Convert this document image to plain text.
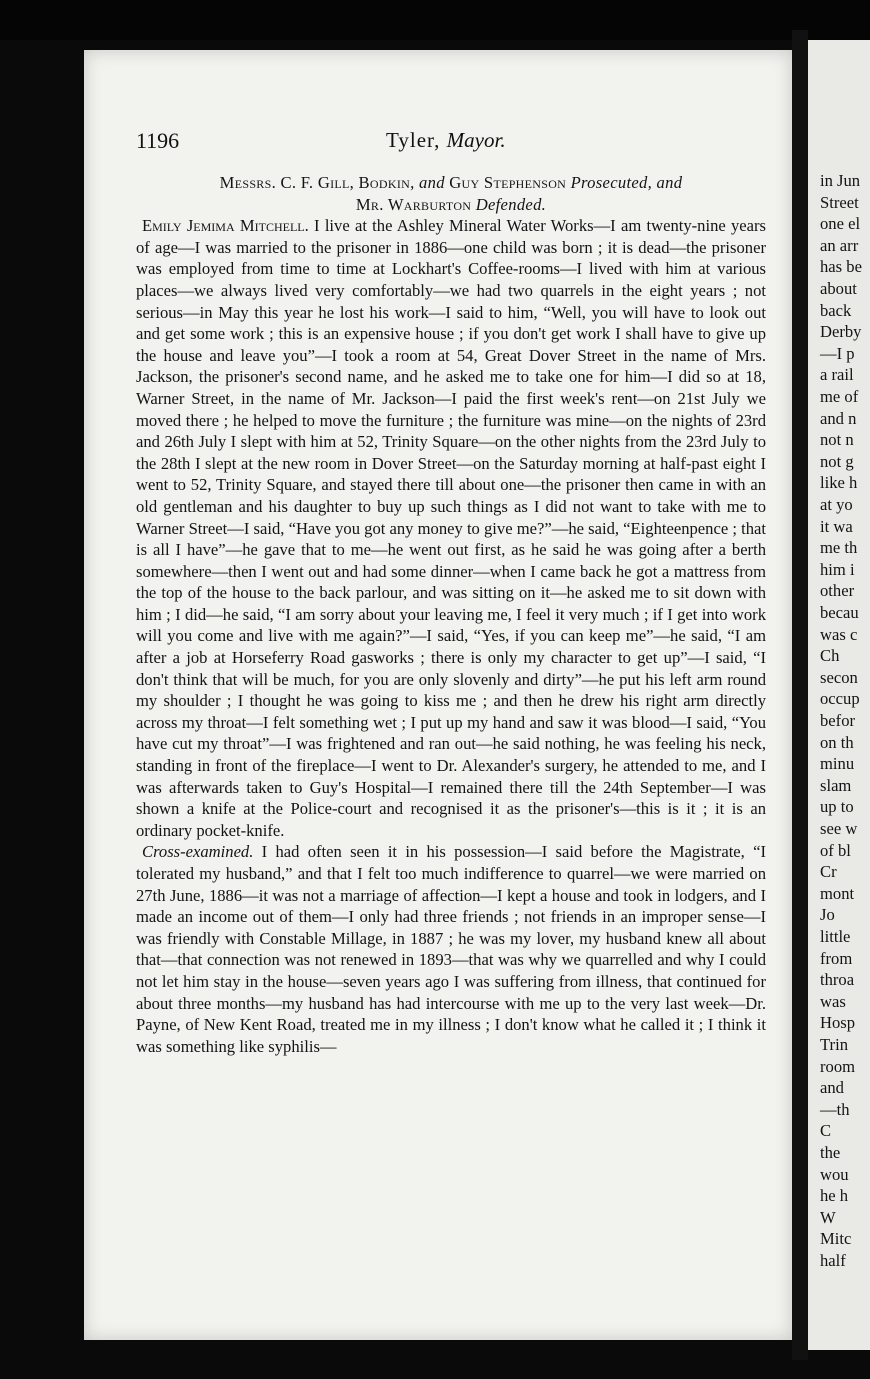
in Jun
Street
one el
an arr
has be
about
back
Derby
—I p
a rail
me of
and n
not n
not g
like h
at yo
it wa
me th
him i
other
becau
was c
Ch
secon
occup
befor
on th
minu
slam
up to
see w
of bl
Cr
mont
Jo
little
from
throa
was
Hosp
Trin
room
and
—th
C
the
wou
he h
W
Mitc
half
1196	Tyler, Mayor.

Messrs. C. F. Gill, Bodkin, and Guy Stephenson Prosecuted, and
Mr. Warburton Defended.

Emily Jemima Mitchell. I live at the Ashley Mineral Water Works—I am twenty-nine years of age—I was married to the prisoner in 1886—one child was born ; it is dead—the prisoner was employed from time to time at Lockhart's Coffee-rooms—I lived with him at various places—we always lived very comfortably—we had two quarrels in the eight years ; not serious—in May this year he lost his work—I said to him, “Well, you will have to look out and get some work ; this is an expensive house ; if you don't get work I shall have to give up the house and leave you”—I took a room at 54, Great Dover Street in the name of Mrs. Jackson, the prisoner's second name, and he asked me to take one for him—I did so at 18, Warner Street, in the name of Mr. Jackson—I paid the first week's rent—on 21st July we moved there ; he helped to move the furniture ; the furniture was mine—on the nights of 23rd and 26th July I slept with him at 52, Trinity Square—on the other nights from the 23rd July to the 28th I slept at the new room in Dover Street—on the Saturday morning at half-past eight I went to 52, Trinity Square, and stayed there till about one—the prisoner then came in with an old gentleman and his daughter to buy up such things as I did not want to take with me to Warner Street—I said, “Have you got any money to give me?”—he said, “Eighteenpence ; that is all I have”—he gave that to me—he went out first, as he said he was going after a berth somewhere—then I went out and had some dinner—when I came back he got a mattress from the top of the house to the back parlour, and was sitting on it—he asked me to sit down with him ; I did—he said, “I am sorry about your leaving me, I feel it very much ; if I get into work will you come and live with me again?”—I said, “Yes, if you can keep me”—he said, “I am after a job at Horseferry Road gasworks ; there is only my character to get up”—I said, “I don't think that will be much, for you are only slovenly and dirty”—he put his left arm round my shoulder ; I thought he was going to kiss me ; and then he drew his right arm directly across my throat—I felt something wet ; I put up my hand and saw it was blood—I said, “You have cut my throat”—I was frightened and ran out—he said nothing, he was feeling his neck, standing in front of the fireplace—I went to Dr. Alexander's surgery, he attended to me, and I was afterwards taken to Guy's Hospital—I remained there till the 24th September—I was shown a knife at the Police-court and recognised it as the prisoner's—this is it ; it is an ordinary pocket-knife.

Cross-examined. I had often seen it in his possession—I said before the Magistrate, “I tolerated my husband,” and that I felt too much indifference to quarrel—we were married on 27th June, 1886—it was not a marriage of affection—I kept a house and took in lodgers, and I made an income out of them—I only had three friends ; not friends in an improper sense—I was friendly with Constable Millage, in 1887 ; he was my lover, my husband knew all about that—that connection was not renewed in 1893—that was why we quarrelled and why I could not let him stay in the house—seven years ago I was suffering from illness, that continued for about three months—my husband has had intercourse with me up to the very last week—Dr. Payne, of New Kent Road, treated me in my illness ; I don't know what he called it ; I think it was something like syphilis—
